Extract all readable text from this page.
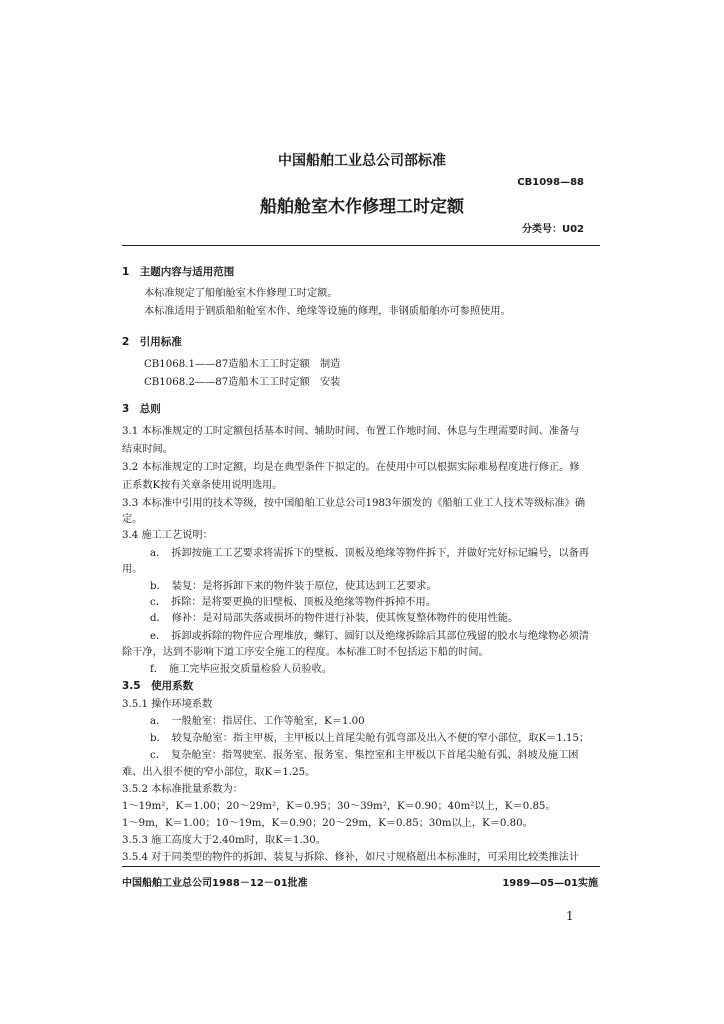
中国船舶工业总公司部标准
CB1098—88
船舶舱室木作修理工时定额
分类号：U02
1　主题内容与适用范围
本标准规定了船舶舱室木作修理工时定额。
本标准适用于钢质船舶舱室木作、绝缘等设施的修理，非钢质船舶亦可参照使用。
2　引用标准
CB1068.1——87造船木工工时定额　制造
CB1068.2——87造船木工工时定额　安装
3　总则
3.1 本标准规定的工时定额包括基本时间、辅助时间、布置工作地时间、休息与生理需要时间、准备与
结束时间。
3.2 本标准规定的工时定额，均是在典型条件下拟定的。在使用中可以根据实际难易程度进行修正。修
正系数K按有关章条使用说明选用。
3.3 本标准中引用的技术等级，按中国船舶工业总公司1983年颁发的《船舶工业工人技术等级标准》确
定。
3.4 施工工艺说明：
a．　拆卸按施工工艺要求将需拆下的壁板、顶板及绝缘等物件拆下，并做好完好标记编号，以备再
用。
b．　装复：是将拆卸下来的物件装于原位，使其达到工艺要求。
c．　拆除：是将要更换的旧壁板、顶板及绝缘等物件拆掉不用。
d．　修补：是对局部失落或损坏的物件进行补装，使其恢复整体物件的使用性能。
e．　拆卸或拆除的物件应合理堆放，螺钉、圆钉以及绝缘拆除后其部位残留的胶水与绝缘物必须清
除干净，达到不影响下道工序安全施工的程度。本标准工时不包括运下船的时间。
f．　施工完毕应报交质量检验人员验收。
3.5　使用系数
3.5.1 操作环境系数
a．　一般舱室：指居住、工作等舱室，K＝1.00
b．　较复杂舱室：指主甲板，主甲板以上首尾尖舱有弧弯部及出入不便的窄小部位，取K＝1.15；
c．　复杂舱室：指驾驶室、报务室、报务室、集控室和主甲板以下首尾尖舱有弧、斜坡及施工困
难、出入很不便的窄小部位，取K＝1.25。
3.5.2 本标准批量系数为：
1～19m²，K＝1.00；20～29m²，K＝0.95；30～39m²，K＝0.90；40m²以上，K＝0.85。
1～9m，K＝1.00；10～19m，K＝0.90；20～29m，K＝0.85；30m以上，K＝0.80。
3.5.3 施工高度大于2.40m时，取K＝1.30。
3.5.4 对于同类型的物件的拆卸、装复与拆除、修补，如尺寸规格超出本标准时，可采用比较类推法计
中国船舶工业总公司1988－12－01批准	1989—05—01实施
1
